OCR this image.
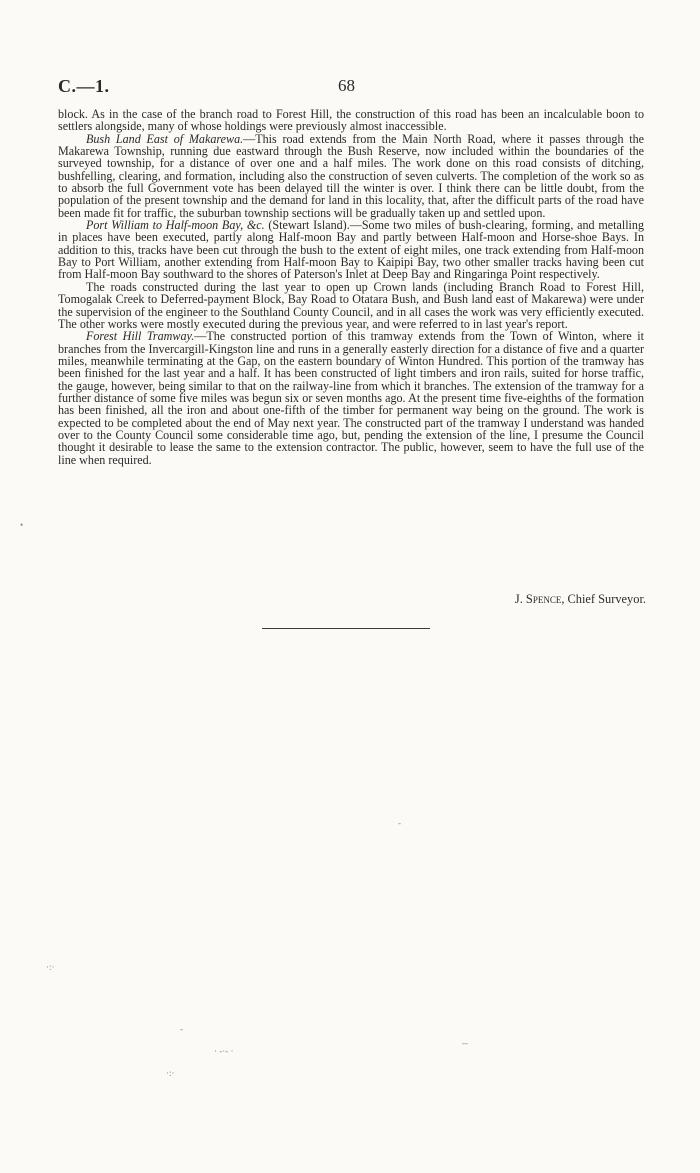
C.—1.	68

block. As in the case of the branch road to Forest Hill, the construction of this road has been an incalculable boon to settlers alongside, many of whose holdings were previously almost inaccessible.

Bush Land East of Makarewa.—This road extends from the Main North Road, where it passes through the Makarewa Township, running due eastward through the Bush Reserve, now included within the boundaries of the surveyed township, for a distance of over one and a half miles. The work done on this road consists of ditching, bushfelling, clearing, and formation, including also the construction of seven culverts. The completion of the work so as to absorb the full Government vote has been delayed till the winter is over. I think there can be little doubt, from the population of the present township and the demand for land in this locality, that, after the difficult parts of the road have been made fit for traffic, the suburban township sections will be gradually taken up and settled upon.

Port William to Half-moon Bay, &c. (Stewart Island).—Some two miles of bush-clearing, forming, and metalling in places have been executed, partly along Half-moon Bay and partly between Half-moon and Horse-shoe Bays. In addition to this, tracks have been cut through the bush to the extent of eight miles, one track extending from Half-moon Bay to Port William, another extending from Half-moon Bay to Kaipipi Bay, two other smaller tracks having been cut from Half-moon Bay southward to the shores of Paterson's Inlet at Deep Bay and Ringaringa Point respectively.

The roads constructed during the last year to open up Crown lands (including Branch Road to Forest Hill, Tomogalak Creek to Deferred-payment Block, Bay Road to Otatara Bush, and Bush land east of Makarewa) were under the supervision of the engineer to the Southland County Council, and in all cases the work was very efficiently executed. The other works were mostly executed during the previous year, and were referred to in last year's report.

Forest Hill Tramway.—The constructed portion of this tramway extends from the Town of Winton, where it branches from the Invercargill-Kingston line and runs in a generally easterly direction for a distance of five and a quarter miles, meanwhile terminating at the Gap, on the eastern boundary of Winton Hundred. This portion of the tramway has been finished for the last year and a half. It has been constructed of light timbers and iron rails, suited for horse traffic, the gauge, however, being similar to that on the railway-line from which it branches. The extension of the tramway for a further distance of some five miles was begun six or seven months ago. At the present time five-eighths of the formation has been finished, all the iron and about one-fifth of the timber for permanent way being on the ground. The work is expected to be completed about the end of May next year. The constructed part of the tramway I understand was handed over to the County Council some considerable time ago, but, pending the extension of the line, I presume the Council thought it desirable to lease the same to the extension contractor. The public, however, seem to have the full use of the line when required.

J. Spence, Chief Surveyor.
•
‐
·:·
‐
‑‑
· ‐·‐ ·
·:·
